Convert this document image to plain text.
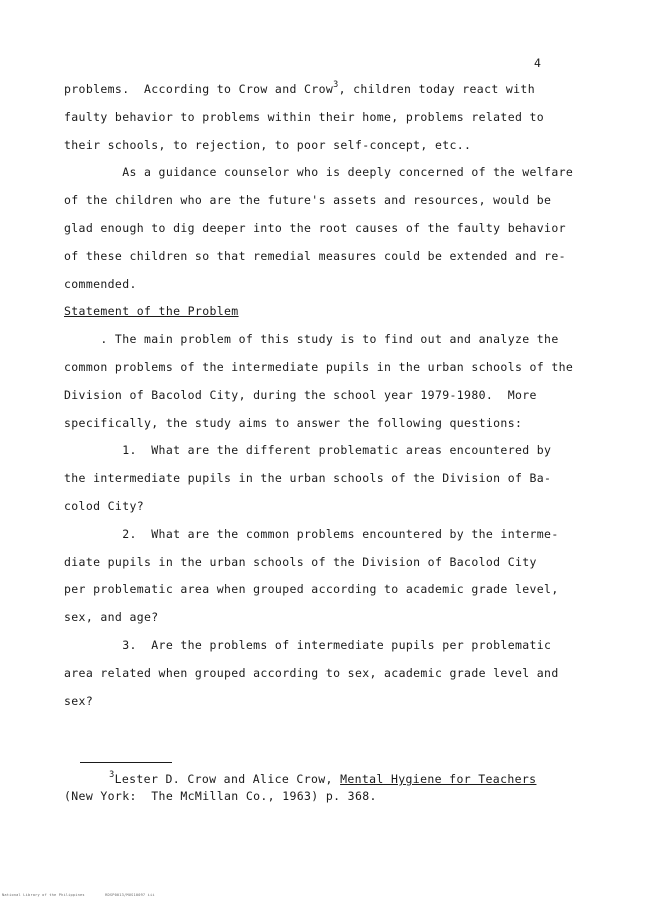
4
problems.  According to Crow and Crow$^3$, children today react with
faulty behavior to problems within their home, problems related to
their schools, to rejection, to poor self-concept, etc..
As a guidance counselor who is deeply concerned of the welfare
of the children who are the future's assets and resources, would be
glad enough to dig deeper into the root causes of the faulty behavior
of these children so that remedial measures could be extended and re-
commended.
Statement of the Problem
. The main problem of this study is to find out and analyze the
common problems of the intermediate pupils in the urban schools of the
Division of Bacolod City, during the school year 1979-1980.  More
specifically, the study aims to answer the following questions:
1.  What are the different problematic areas encountered by
the intermediate pupils in the urban schools of the Division of Ba-
colod City?
2.  What are the common problems encountered by the interme-
diate pupils in the urban schools of the Division of Bacolod City
per problematic area when grouped according to academic grade level,
sex, and age?
3.  Are the problems of intermediate pupils per problematic
area related when grouped according to sex, academic grade level and
sex?
$^3$Lester D. Crow and Alice Crow, Mental Hygiene for Teachers
(New York:  The McMillan Co., 1963) p. 368.
National Library of the Philippines	RDSP0013/MUS10097 iii
